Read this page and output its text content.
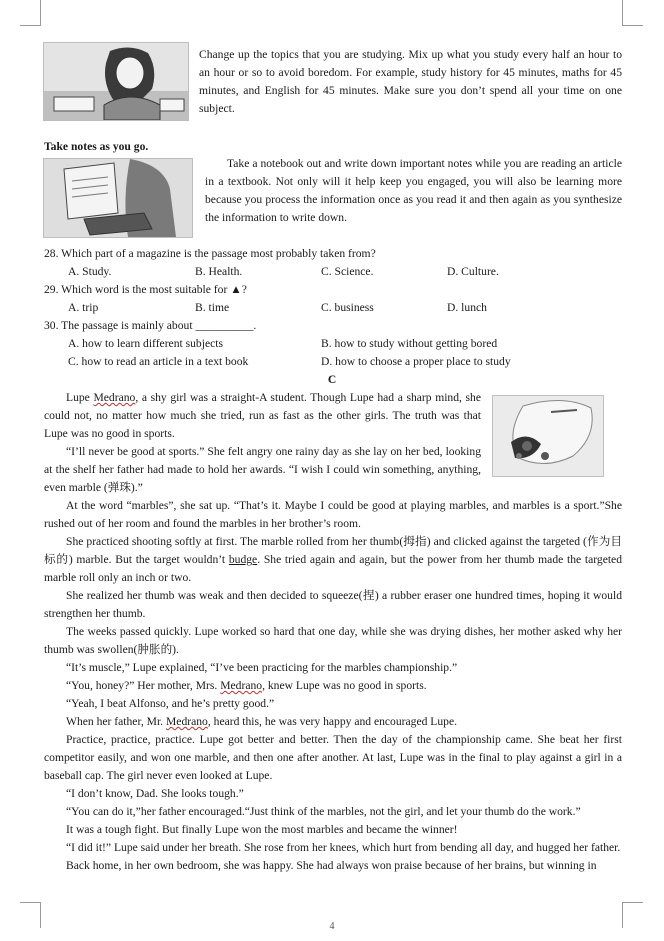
Change up the topics that you are studying. Mix up what you study every half an hour to an hour or so to avoid boredom. For example, study history for 45 minutes, maths for 45 minutes, and English for 45 minutes. Make sure you don’t spend all your time on one subject.

Take notes as you go.

Take a notebook out and write down important notes while you are reading an article in a textbook. Not only will it help keep you engaged, you will also be learning more because you process the information once as you read it and then again as you synthesize the information to write down.

28. Which part of a magazine is the passage most probably taken from?
A. Study.	B. Health.	C. Science.	D. Culture.
29. Which word is the most suitable for ▲?
A. trip	B. time	C. business	D. lunch
30. The passage is mainly about __________.
A. how to learn different subjects	B. how to study without getting bored
C. how to read an article in a text book	D. how to choose a proper place to study
C

Lupe Medrano, a shy girl was a straight-A student. Though Lupe had a sharp mind, she could not, no matter how much she tried, run as fast as the other girls. The truth was that Lupe was no good in sports.

“I’ll never be good at sports.” She felt angry one rainy day as she lay on her bed, looking at the shelf her father had made to hold her awards. “I wish I could win something, anything, even marble (弹珠).”

At the word “marbles”, she sat up. “That’s it. Maybe I could be good at playing marbles, and marbles is a sport.”She rushed out of her room and found the marbles in her brother’s room.

She practiced shooting softly at first. The marble rolled from her thumb(拇指) and clicked against the targeted (作为目标的) marble. But the target wouldn’t budge. She tried again and again, but the power from her thumb made the targeted marble roll only an inch or two.

She realized her thumb was weak and then decided to squeeze(捏) a rubber eraser one hundred times, hoping it would strengthen her thumb.

The weeks passed quickly. Lupe worked so hard that one day, while she was drying dishes, her mother asked why her thumb was swollen(肿胀的).

“It’s muscle,” Lupe explained, “I’ve been practicing for the marbles championship.”

“You, honey?” Her mother, Mrs. Medrano, knew Lupe was no good in sports.

“Yeah, I beat Alfonso, and he’s pretty good.”

When her father, Mr. Medrano, heard this, he was very happy and encouraged Lupe.

Practice, practice, practice. Lupe got better and better. Then the day of the championship came. She beat her first competitor easily, and won one marble, and then one after another. At last, Lupe was in the final to play against a girl in a baseball cap. The girl never even looked at Lupe.

“I don’t know, Dad. She looks tough.”

“You can do it,”her father encouraged.“Just think of the marbles, not the girl, and let your thumb do the work.”

It was a tough fight. But finally Lupe won the most marbles and became the winner!

“I did it!” Lupe said under her breath. She rose from her knees, which hurt from bending all day, and hugged her father.

Back home, in her own bedroom, she was happy. She had always won praise because of her brains, but winning in

4
